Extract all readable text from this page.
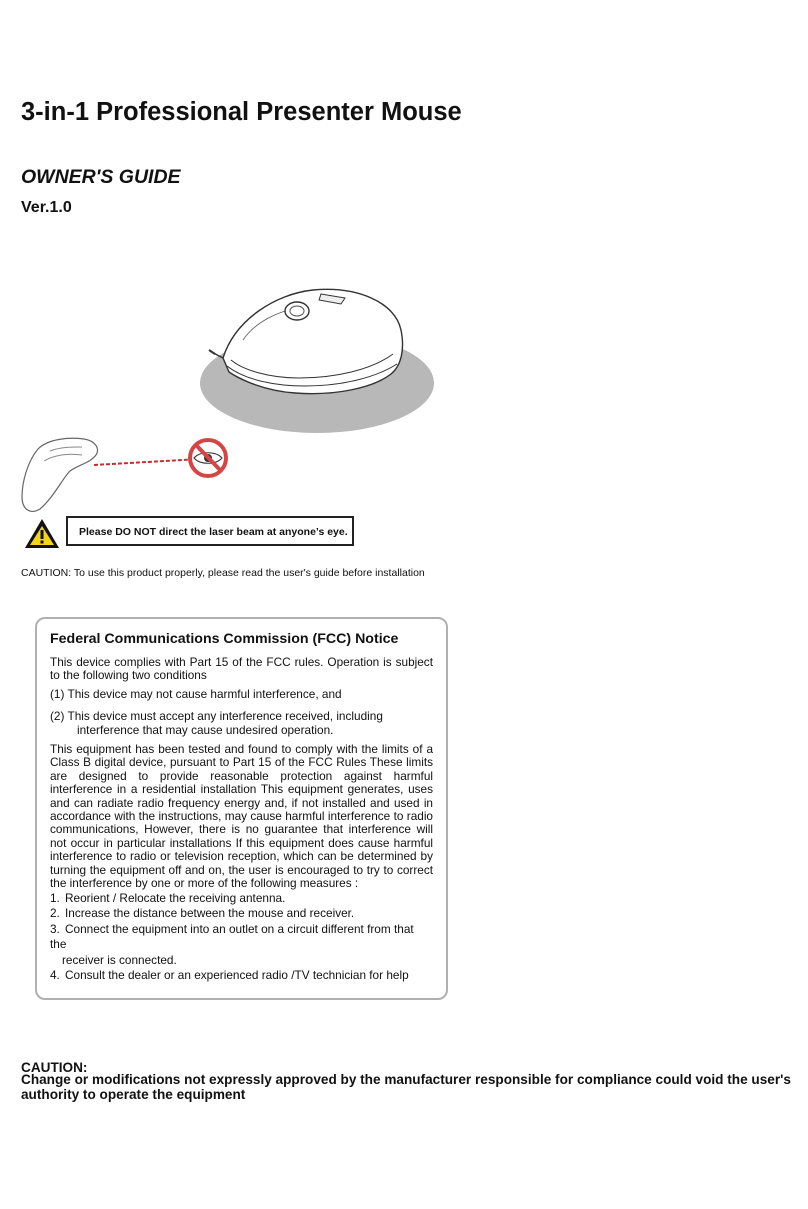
3-in-1 Professional Presenter Mouse
OWNER'S GUIDE
Ver.1.0
Please DO NOT direct the laser beam at anyone’s eye.
CAUTION: To use this product properly, please read the user's guide before installation
Federal Communications Commission (FCC) Notice

This device complies with Part 15 of the FCC rules. Operation is subject to the following two conditions

(1) This device may not cause harmful interference, and

(2) This device must accept any interference received, including

interference that may cause undesired operation.

This equipment has been tested and found to comply with the limits of a Class B digital device, pursuant to Part 15 of the FCC Rules These limits are designed to provide reasonable protection against harmful interference in a residential installation This equipment generates, uses and can radiate radio frequency energy and, if not installed and used in accordance with the instructions, may cause harmful interference to radio communications, However, there is no guarantee that interference will not occur in particular installations If this equipment does cause harmful interference to radio or television reception, which can be determined by turning the equipment off and on, the user is encouraged to try to correct the interference by one or more of the following measures :

1. Reorient / Relocate the receiving antenna.
2. Increase the distance between the mouse and receiver.
3. Connect the equipment into an outlet on a circuit different from that the
receiver is connected.
4. Consult the dealer or an experienced radio /TV technician for help
CAUTION:
Change or modifications not expressly approved by the manufacturer responsible for compliance could void the user's authority to operate the equipment
